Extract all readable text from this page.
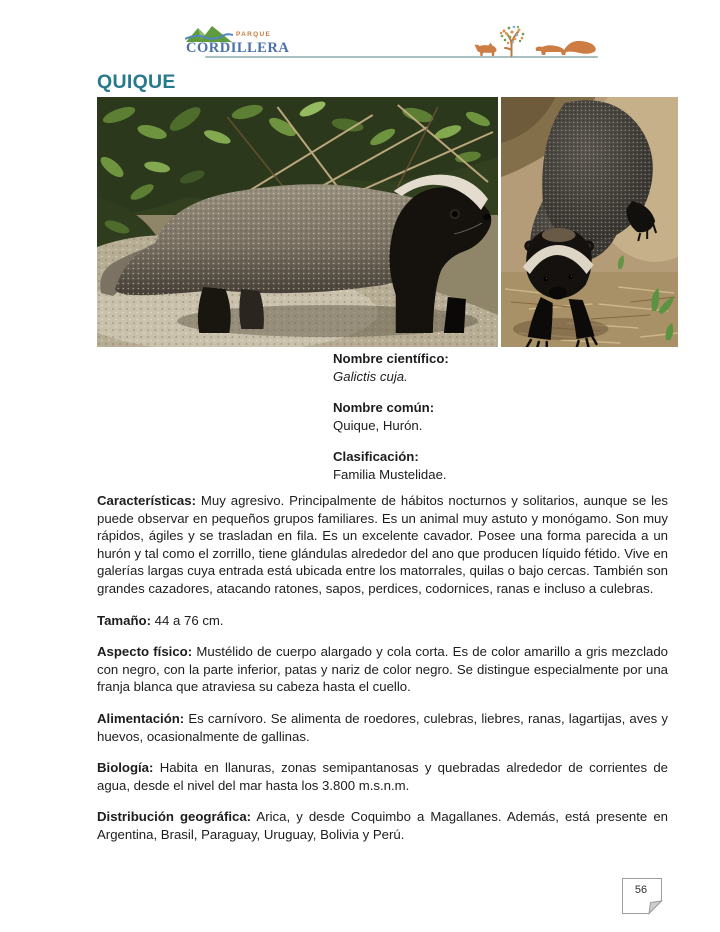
PARQUE
CORDILLERA
QUIQUE
Nombre científico:
Galictis cuja.
Nombre común:
Quique, Hurón.
Clasificación:
Familia Mustelidae.

Características: Muy agresivo. Principalmente de hábitos nocturnos y solitarios, aunque se les puede observar en pequeños grupos familiares. Es un animal muy astuto y monógamo. Son muy rápidos, ágiles y se trasladan en fila. Es un excelente cavador. Posee una forma parecida a un hurón y tal como el zorrillo, tiene glándulas alrededor del ano que producen líquido fétido. Vive en galerías largas cuya entrada está ubicada entre los matorrales, quilas o bajo cercas. También son grandes cazadores, atacando ratones, sapos, perdices, codornices, ranas e incluso a culebras.

Tamaño: 44 a 76 cm.

Aspecto físico: Mustélido de cuerpo alargado y cola corta. Es de color amarillo a gris mezclado con negro, con la parte inferior, patas y nariz de color negro. Se distingue especialmente por una franja blanca que atraviesa su cabeza hasta el cuello.

Alimentación: Es carnívoro. Se alimenta de roedores, culebras, liebres, ranas, lagartijas, aves y huevos, ocasionalmente de gallinas.

Biología: Habita en llanuras, zonas semipantanosas y quebradas alrededor de corrientes de agua, desde el nivel del mar hasta los 3.800 m.s.n.m.

Distribución geográfica: Arica, y desde Coquimbo a Magallanes. Además, está presente en Argentina, Brasil, Paraguay, Uruguay, Bolivia y Perú.

56
